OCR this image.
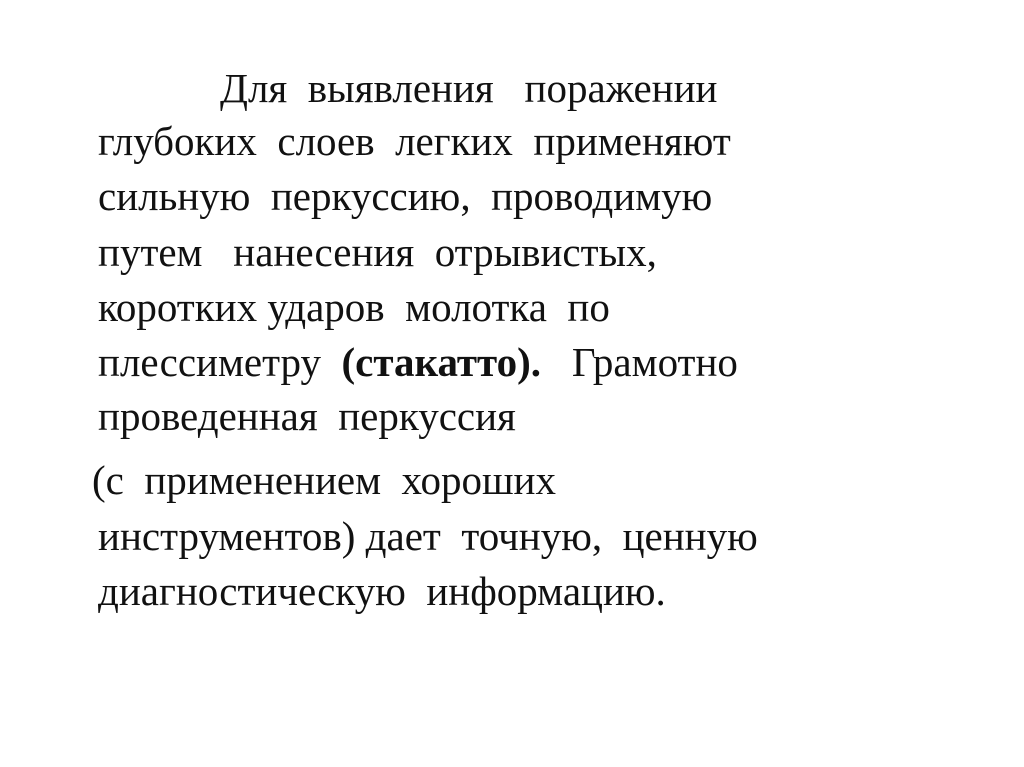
Для  выявления   поражении
глубоких  слоев  легких  применяют
сильную  перкуссию,  проводимую
путем   нанесения  отрывистых,
коротких ударов  молотка  по
плессиметру  (стакатто).   Грамотно
проведенная  перкуссия
(с  применением  хороших
инструментов) дает  точную,  ценную
диагностическую  информацию.
